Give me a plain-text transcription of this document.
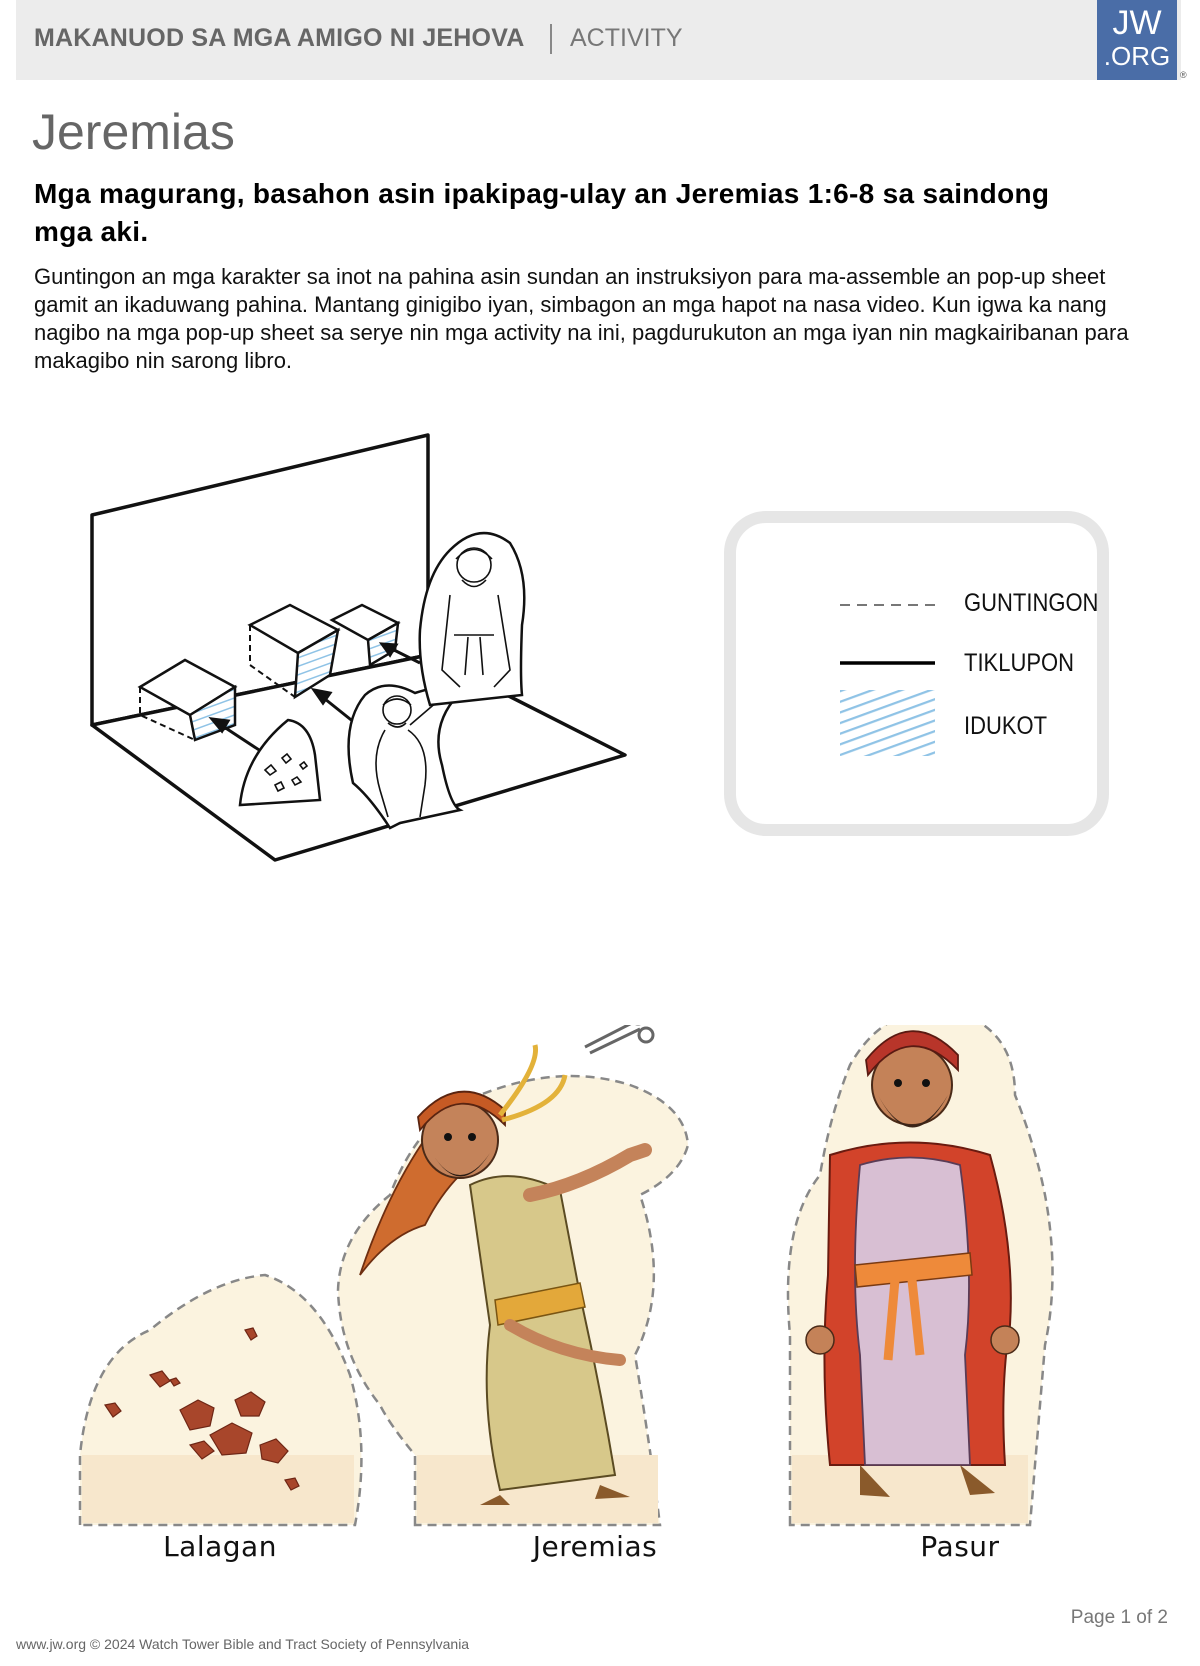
MAKANUOD SA MGA AMIGO NI JEHOVA ACTIVITY	JW
.ORG
®
Jeremias

Mga magurang, basahon asin ipakipag-ulay an Jeremias 1:6-8 sa saindong mga aki.

Guntingon an mga karakter sa inot na pahina asin sundan an instruksiyon para ma-assemble an pop-up sheet gamit an ikaduwang pahina. Mantang ginigibo iyan, simbagon an mga hapot na nasa video. Kun igwa ka nang nagibo na mga pop-up sheet sa serye nin mga activity na ini, pagdurukuton an mga iyan nin magkairibanan para makagibo nin sarong libro.

GUNTINGON
TIKLUPON
IDUKOT
Lalagan	Jeremias	Pasur
Page 1 of 2
www.jw.org © 2024 Watch Tower Bible and Tract Society of Pennsylvania
